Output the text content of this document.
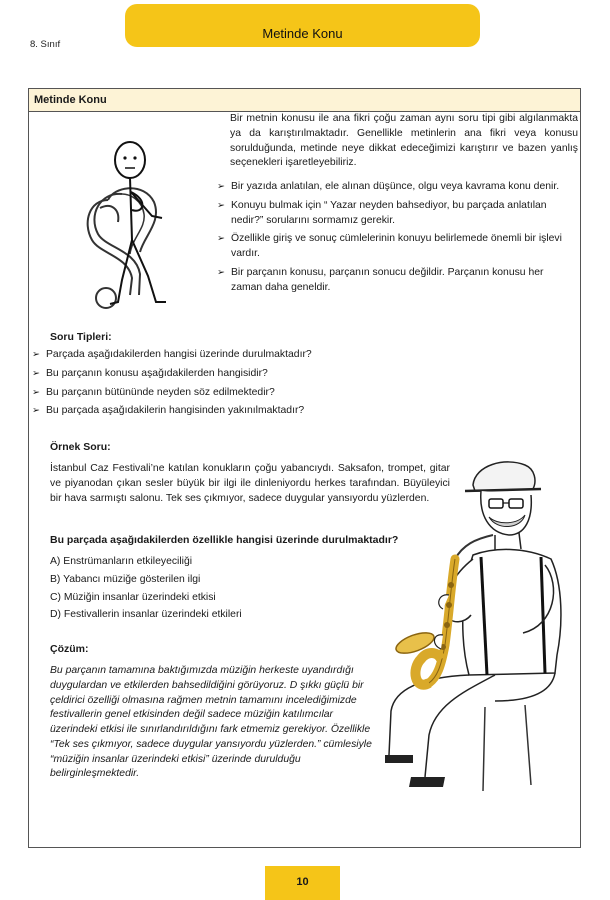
8. Sınıf
Metinde Konu
Metinde Konu
Bir metnin konusu ile ana fikri çoğu zaman aynı soru tipi gibi algılanmakta ya da karıştırılmaktadır. Genellikle metinlerin ana fikri veya konusu sorulduğunda, metinde neye dikkat edeceğimizi karıştırır ve bazen yanlış seçenekleri işaretleyebiliriz.
➢ Bir yazıda anlatılan, ele alınan düşünce, olgu veya kavrama konu denir.
➢ Konuyu bulmak için “ Yazar neyden bahsediyor, bu parçada anlatılan nedir?” sorularını sormamız gerekir.
➢ Özellikle giriş ve sonuç cümlelerinin konuyu belirlemede önemli bir işlevi vardır.
➢ Bir parçanın konusu, parçanın sonucu değildir. Parçanın konusu her zaman daha geneldir.
Soru Tipleri:
➢ Parçada aşağıdakilerden hangisi üzerinde durulmaktadır?
➢ Bu parçanın konusu aşağıdakilerden hangisidir?
➢ Bu parçanın bütününde neyden söz edilmektedir?
➢ Bu parçada aşağıdakilerin hangisinden yakınılmaktadır?
Örnek Soru:
İstanbul Caz Festivali’ne katılan konukların çoğu yabancıydı. Saksafon, trompet, gitar ve piyanodan çıkan sesler büyük bir ilgi ile dinleniyordu herkes tarafından. Büyüleyici bir hava sarmıştı salonu. Tek ses çıkmıyor, sadece duygular yansıyordu yüzlerden.
Bu parçada aşağıdakilerden özellikle hangisi üzerinde durulmaktadır?
A) Enstrümanların etkileyeciliği
B) Yabancı müziğe gösterilen ilgi
C) Müziğin insanlar üzerindeki etkisi
D) Festivallerin insanlar üzerindeki etkileri
Çözüm:
Bu parçanın tamamına baktığımızda müziğin herkeste uyandırdığı duygulardan ve etkilerden bahsedildiğini görüyoruz. D şıkkı güçlü bir çeldirici özelliği olmasına rağmen metnin tamamını incelediğimizde festivallerin genel etkisinden değil sadece müziğin katılımcılar üzerindeki etkisi ile sınırlandırıldığını fark etmemiz gerekiyor. Özellikle “Tek ses çıkmıyor, sadece duygular yansıyordu yüzlerden.” cümlesiyle “müziğin insanlar üzerindeki etkisi” üzerinde durulduğu belirginleşmektedir.
10
